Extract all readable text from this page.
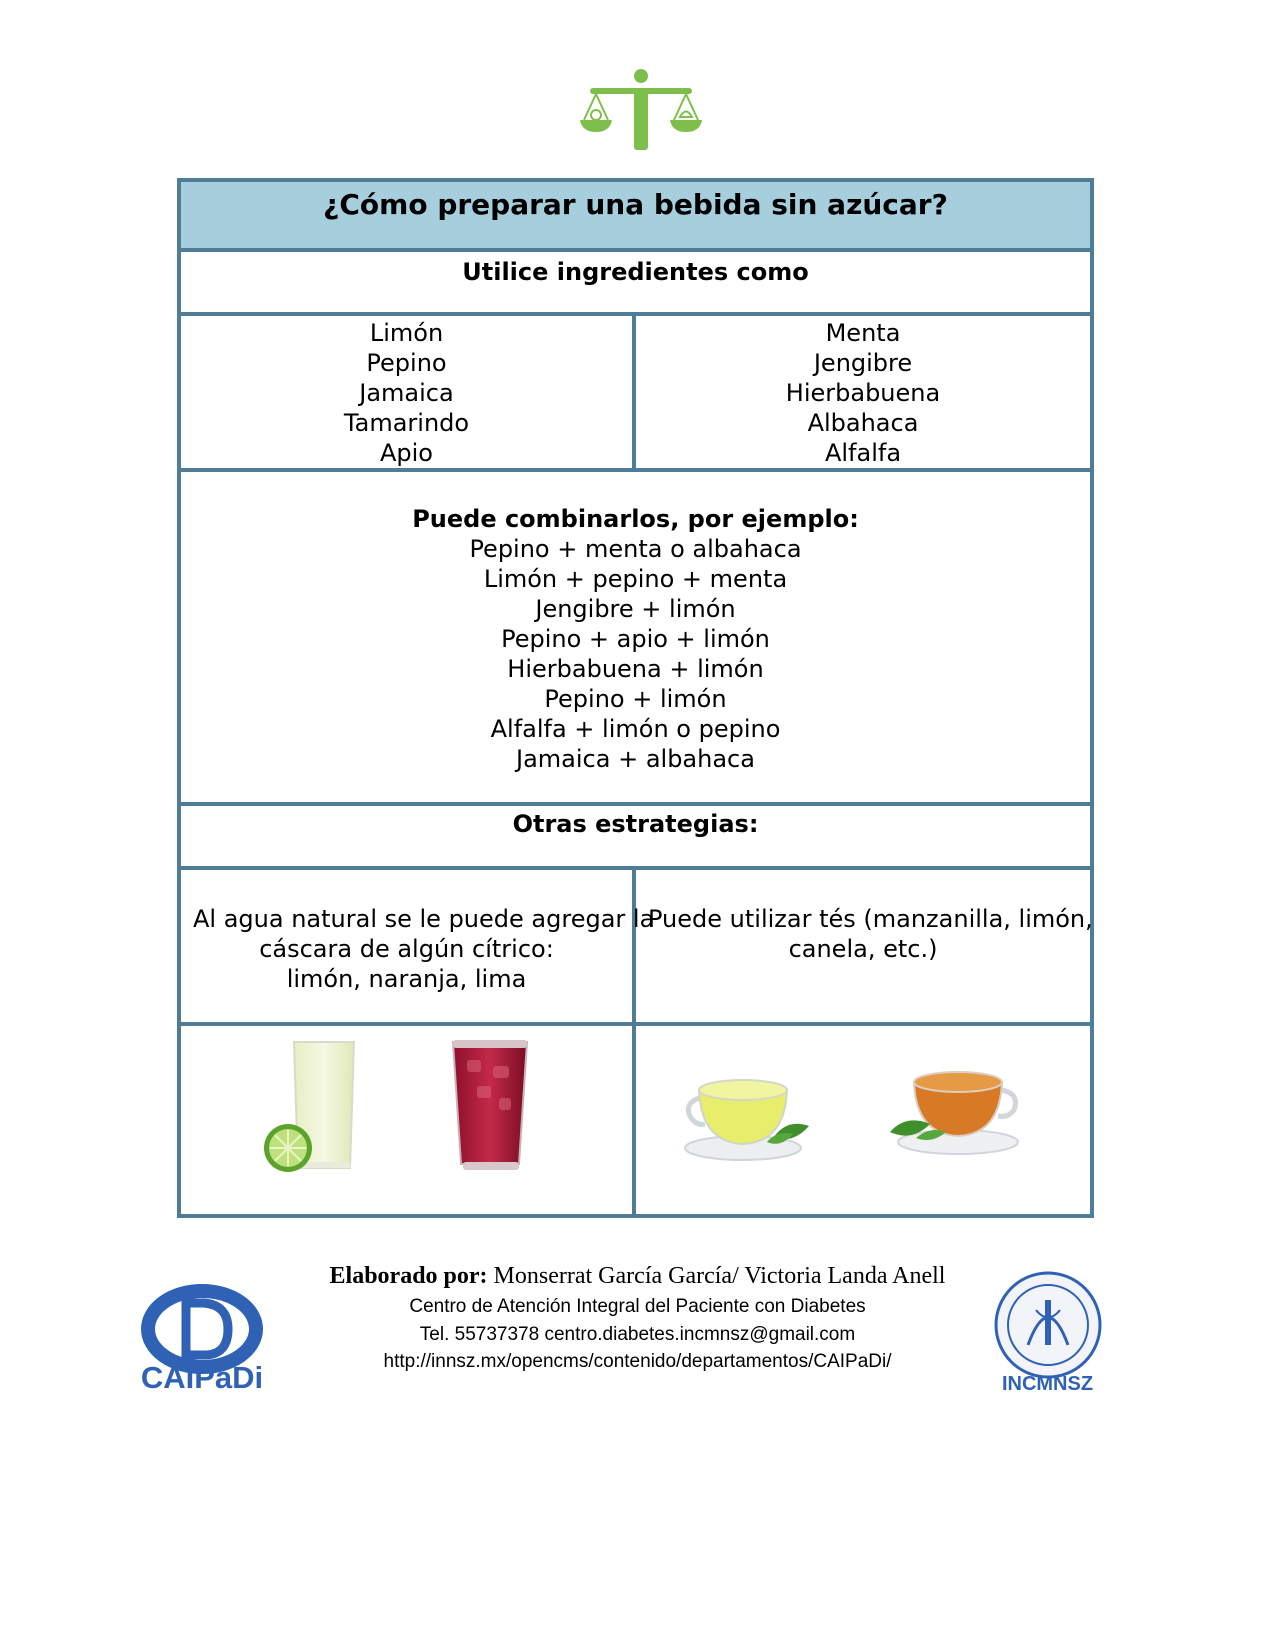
¿Cómo preparar una bebida sin azúcar?
Utilice ingredientes como
Limón
Pepino
Jamaica
Tamarindo
Apio
Menta
Jengibre
Hierbabuena
Albahaca
Alfalfa
Puede combinarlos, por ejemplo:
Pepino + menta o albahaca
Limón + pepino + menta
Jengibre + limón
Pepino + apio + limón
Hierbabuena + limón
Pepino + limón
Alfalfa + limón o pepino
Jamaica + albahaca
Otras estrategias:
Al agua natural se le puede agregar la
cáscara de algún cítrico:
limón, naranja, lima
Puede utilizar tés (manzanilla, limón,
canela, etc.)
Elaborado por: Monserrat García García/ Victoria Landa Anell
Centro de Atención Integral del Paciente con Diabetes
Tel. 55737378 centro.diabetes.incmnsz@gmail.com
http://innsz.mx/opencms/contenido/departamentos/CAIPaDi/
CAIPaDi	INCMNSZ
